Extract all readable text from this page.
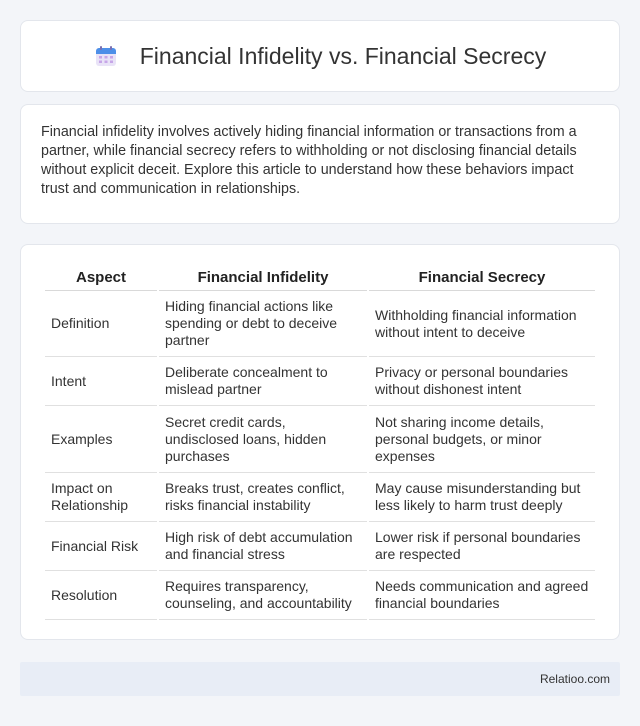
Financial Infidelity vs. Financial Secrecy

Financial infidelity involves actively hiding financial information or transactions from a partner, while financial secrecy refers to withholding or not disclosing financial details without explicit deceit. Explore this article to understand how these behaviors impact trust and communication in relationships.

Aspect	Financial Infidelity	Financial Secrecy
Definition	Hiding financial actions like spending or debt to deceive partner	Withholding financial information without intent to deceive
Intent	Deliberate concealment to mislead partner	Privacy or personal boundaries without dishonest intent
Examples	Secret credit cards, undisclosed loans, hidden purchases	Not sharing income details, personal budgets, or minor expenses
Impact on Relationship	Breaks trust, creates conflict, risks financial instability	May cause misunderstanding but less likely to harm trust deeply
Financial Risk	High risk of debt accumulation and financial stress	Lower risk if personal boundaries are respected
Resolution	Requires transparency, counseling, and accountability	Needs communication and agreed financial boundaries
Relatioo.com
